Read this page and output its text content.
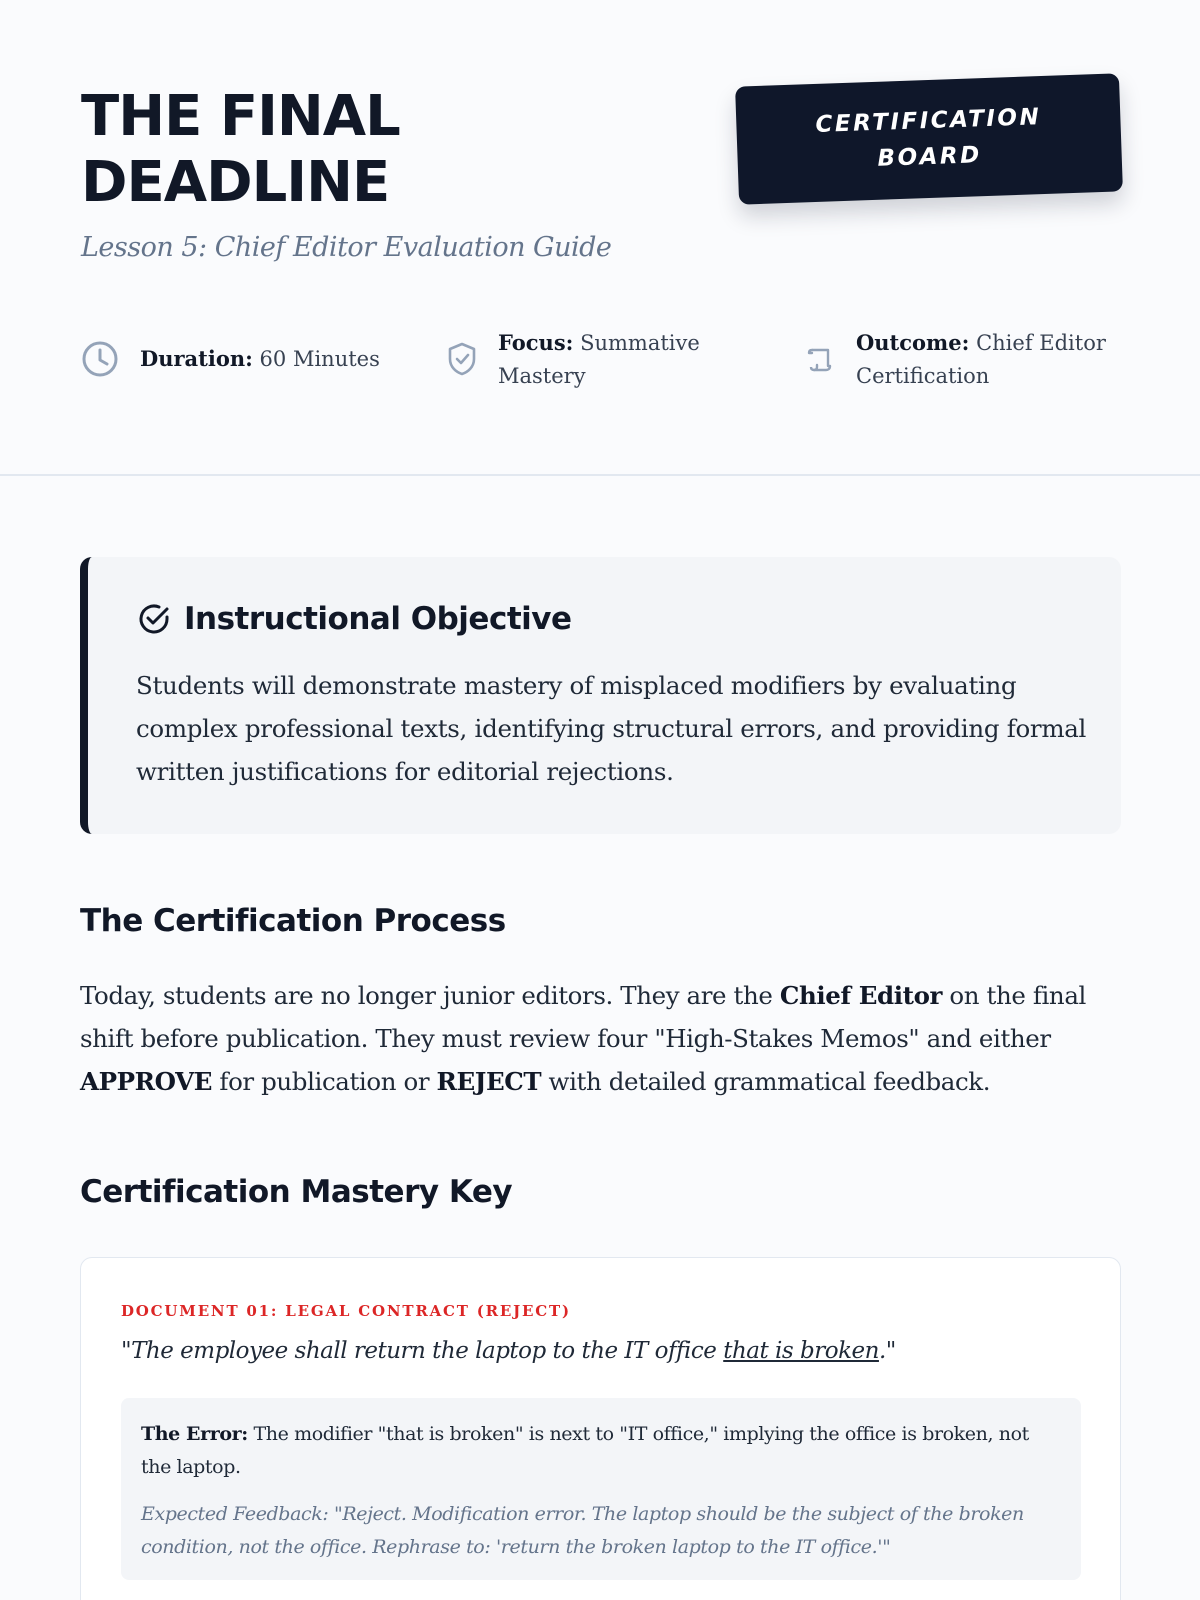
THE FINAL
DEADLINE
Lesson 5: Chief Editor Evaluation Guide
CERTIFICATION BOARD
Duration: 60 Minutes
Focus: Summative Mastery
Outcome: Chief Editor Certification
Instructional Objective

Students will demonstrate mastery of misplaced modifiers by evaluating complex professional texts, identifying structural errors, and providing formal written justifications for editorial rejections.

The Certification Process

Today, students are no longer junior editors. They are the Chief Editor on the final shift before publication. They must review four "High-Stakes Memos" and either APPROVE for publication or REJECT with detailed grammatical feedback.

Certification Mastery Key
DOCUMENT 01: LEGAL CONTRACT (REJECT)
"The employee shall return the laptop to the IT office that is broken."

The Error: The modifier "that is broken" is next to "IT office," implying the office is broken, not the laptop.

Expected Feedback: "Reject. Modification error. The laptop should be the subject of the broken condition, not the office. Rephrase to: 'return the broken laptop to the IT office.'"
